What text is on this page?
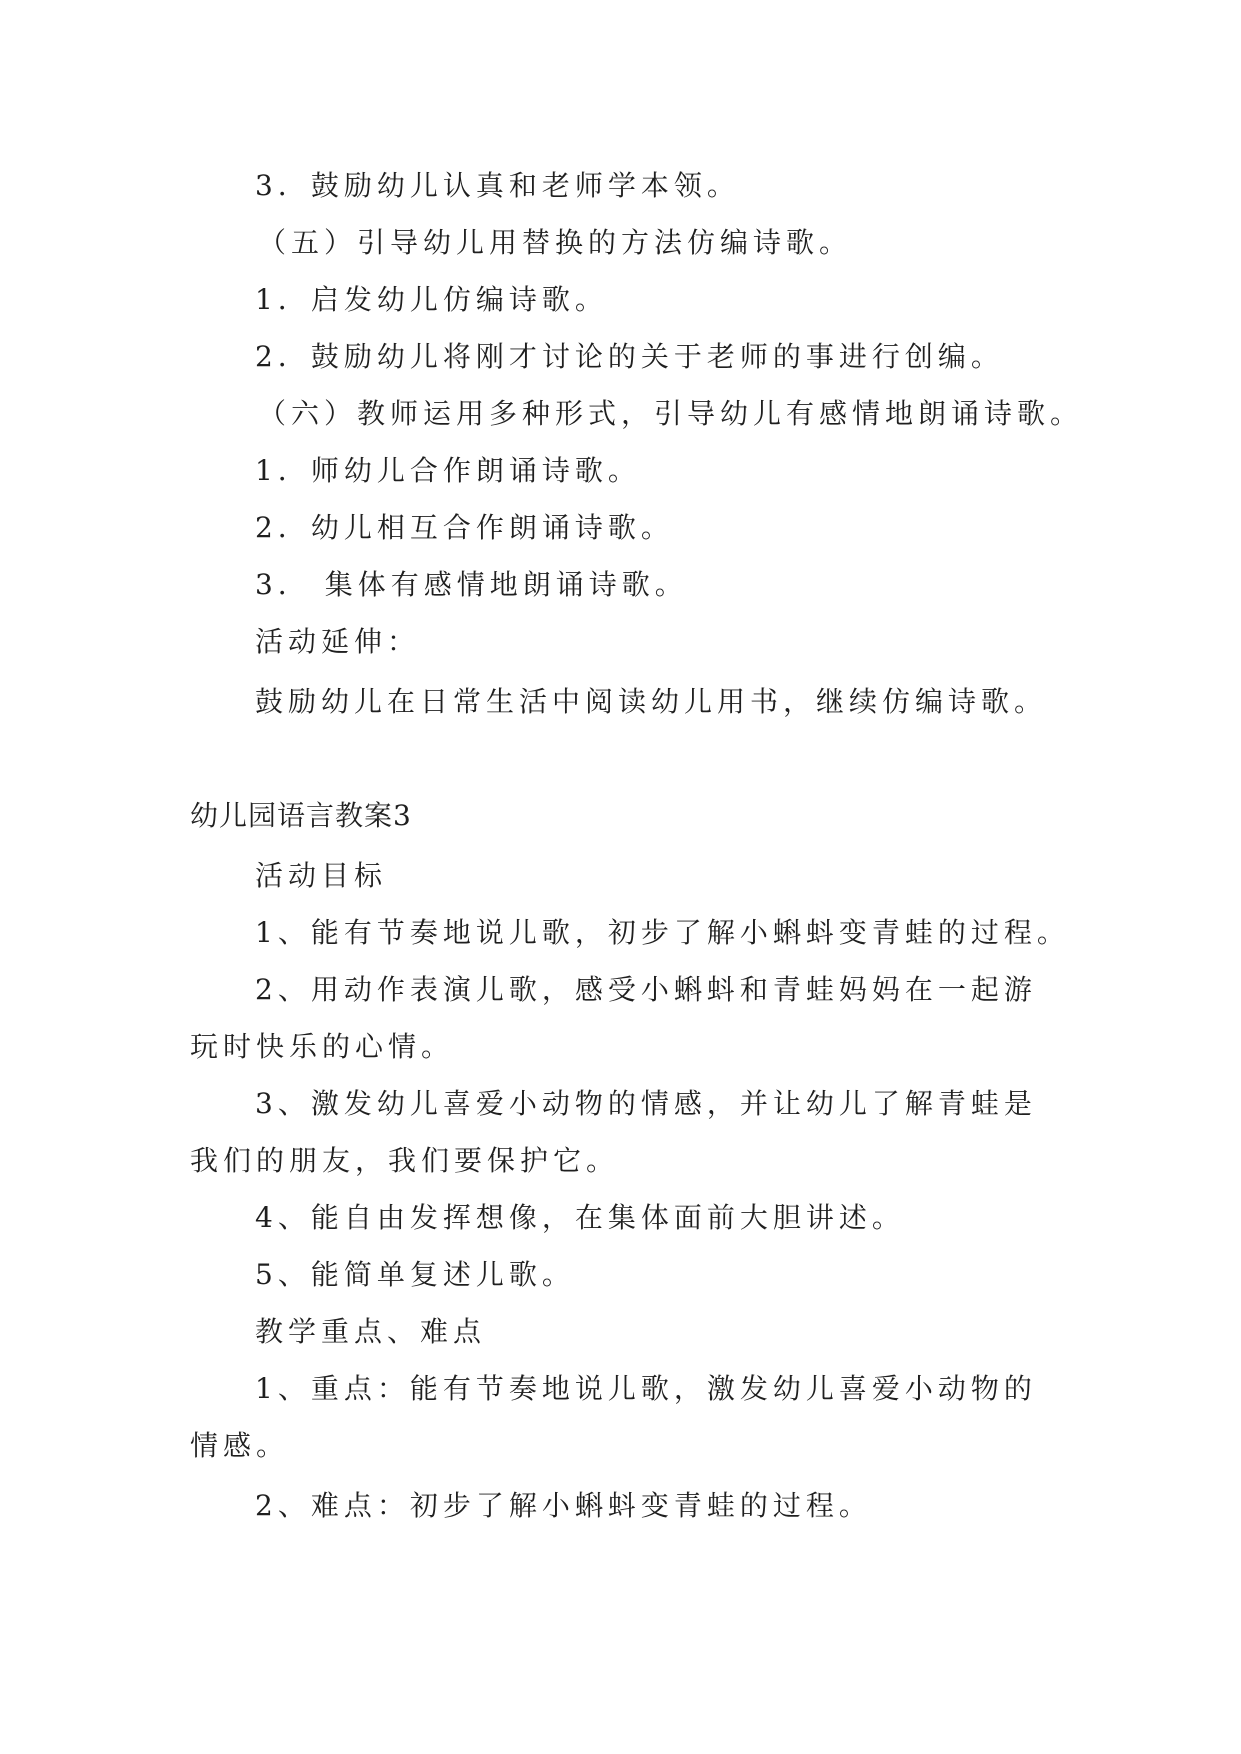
3．鼓励幼儿认真和老师学本领。

（五）引导幼儿用替换的方法仿编诗歌。

1．启发幼儿仿编诗歌。

2．鼓励幼儿将刚才讨论的关于老师的事进行创编。

（六）教师运用多种形式，引导幼儿有感情地朗诵诗歌。

1．师幼儿合作朗诵诗歌。

2．幼儿相互合作朗诵诗歌。

3． 集体有感情地朗诵诗歌。

活动延伸：

鼓励幼儿在日常生活中阅读幼儿用书，继续仿编诗歌。

幼儿园语言教案3

活动目标

1、能有节奏地说儿歌，初步了解小蝌蚪变青蛙的过程。

2、用动作表演儿歌，感受小蝌蚪和青蛙妈妈在一起游

玩时快乐的心情。

3、激发幼儿喜爱小动物的情感，并让幼儿了解青蛙是

我们的朋友，我们要保护它。

4、能自由发挥想像，在集体面前大胆讲述。

5、能简单复述儿歌。

教学重点、难点

1、重点：能有节奏地说儿歌，激发幼儿喜爱小动物的

情感。

2、难点：初步了解小蝌蚪变青蛙的过程。
